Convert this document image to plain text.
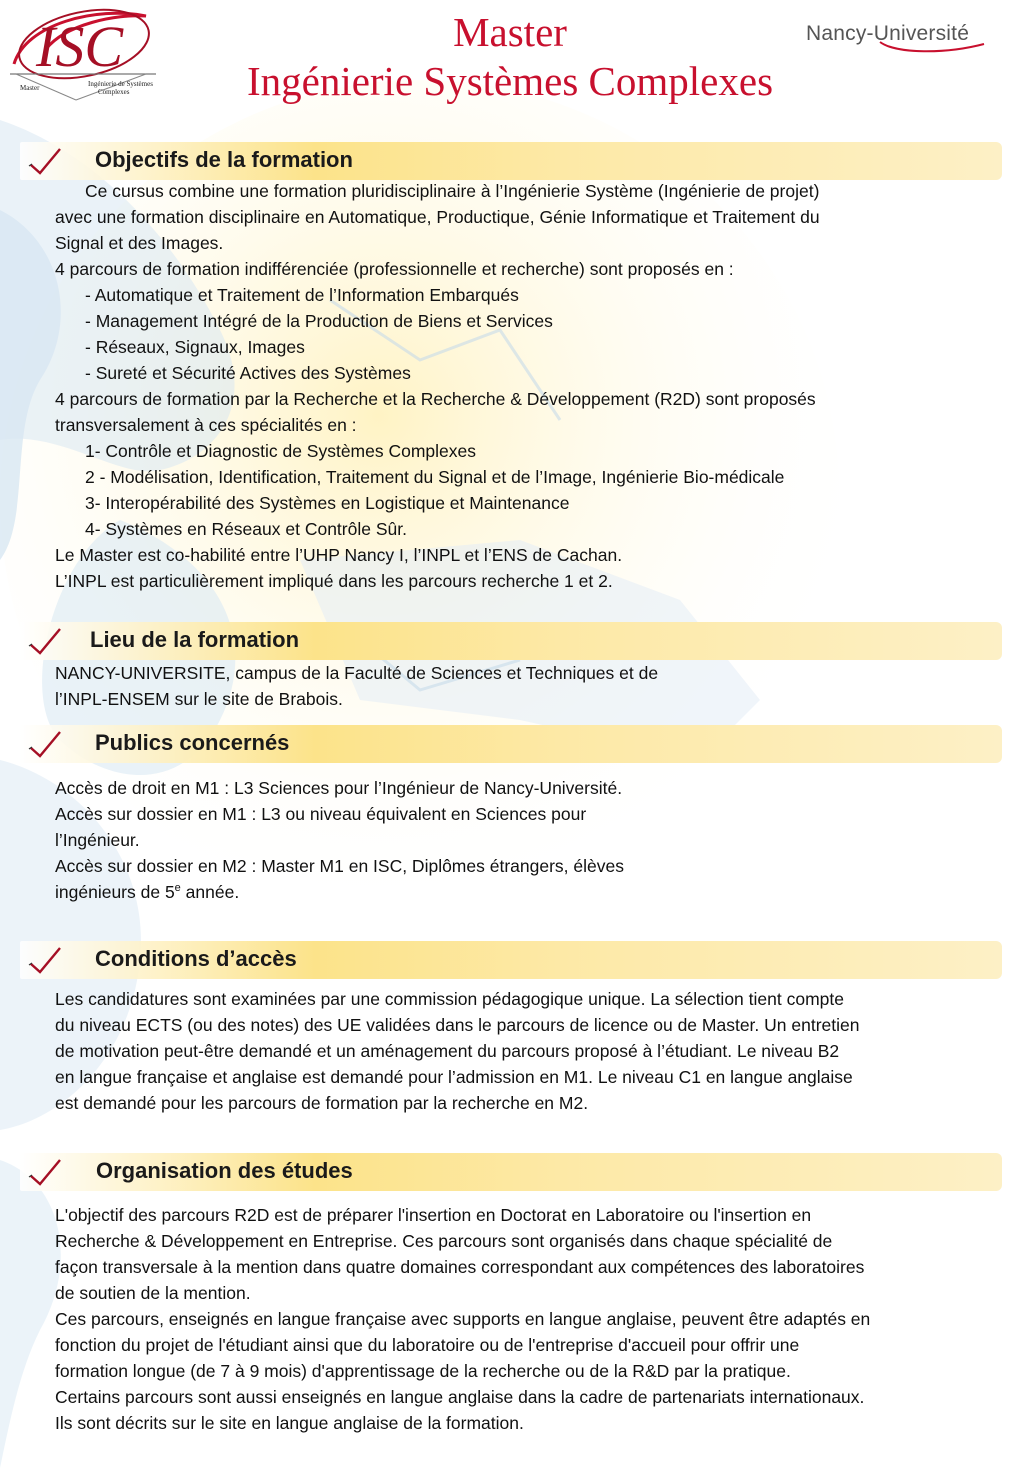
ISC
Master	Ingénierie de Systèmes
Complexes
Master
Ingénierie Systèmes Complexes
Nancy-Université
Objectifs de la formation
Ce cursus combine une formation pluridisciplinaire à l’Ingénierie Système (Ingénierie de projet)
avec une formation disciplinaire en Automatique, Productique, Génie Informatique et Traitement du
Signal et des Images.
4 parcours de formation indifférenciée (professionnelle et recherche) sont proposés en :
- Automatique et Traitement de l’Information Embarqués
- Management Intégré de la Production de Biens et Services
- Réseaux, Signaux, Images
- Sureté et Sécurité Actives des Systèmes
4 parcours de formation par la Recherche et la Recherche & Développement (R2D) sont proposés
transversalement à ces spécialités en :
1- Contrôle et Diagnostic de Systèmes Complexes
2 - Modélisation, Identification, Traitement du Signal et de l’Image, Ingénierie Bio-médicale
3- Interopérabilité des Systèmes en Logistique et Maintenance
4- Systèmes en Réseaux et Contrôle Sûr.
Le Master est co-habilité entre l’UHP Nancy I, l’INPL et l’ENS de Cachan.
L’INPL est particulièrement impliqué dans les parcours recherche 1 et 2.
Lieu de la formation
NANCY-UNIVERSITE, campus de la Faculté de Sciences et Techniques et de
l’INPL-ENSEM sur le site de Brabois.
Publics concernés
Accès de droit en M1 : L3 Sciences pour l’Ingénieur de Nancy-Université.
Accès sur dossier en M1 : L3 ou niveau équivalent en Sciences pour
l’Ingénieur.
Accès sur dossier en M2 : Master M1 en ISC, Diplômes étrangers, élèves
ingénieurs de 5e année.
Conditions d’accès
Les candidatures sont examinées par une commission pédagogique unique. La sélection tient compte
du niveau ECTS (ou des notes) des UE validées dans le parcours de licence ou de Master. Un entretien
de motivation peut-être demandé et un aménagement du parcours proposé à l’étudiant. Le niveau B2
en langue française et anglaise est demandé pour l’admission en M1. Le niveau C1 en langue anglaise
est demandé pour les parcours de formation par la recherche en M2.
Organisation des études
L'objectif des parcours R2D est de préparer l'insertion en Doctorat en Laboratoire ou l'insertion en
Recherche & Développement en Entreprise. Ces parcours sont organisés dans chaque spécialité de
façon transversale à la mention dans quatre domaines correspondant aux compétences des laboratoires
de soutien de la mention.
Ces parcours, enseignés en langue française avec supports en langue anglaise, peuvent être adaptés en
fonction du projet de l'étudiant ainsi que du laboratoire ou de l'entreprise d'accueil pour offrir une
formation longue (de 7 à 9 mois) d'apprentissage de la recherche ou de la R&D par la pratique.
Certains parcours sont aussi enseignés en langue anglaise dans la cadre de partenariats internationaux.
Ils sont décrits sur le site en langue anglaise de la formation.
